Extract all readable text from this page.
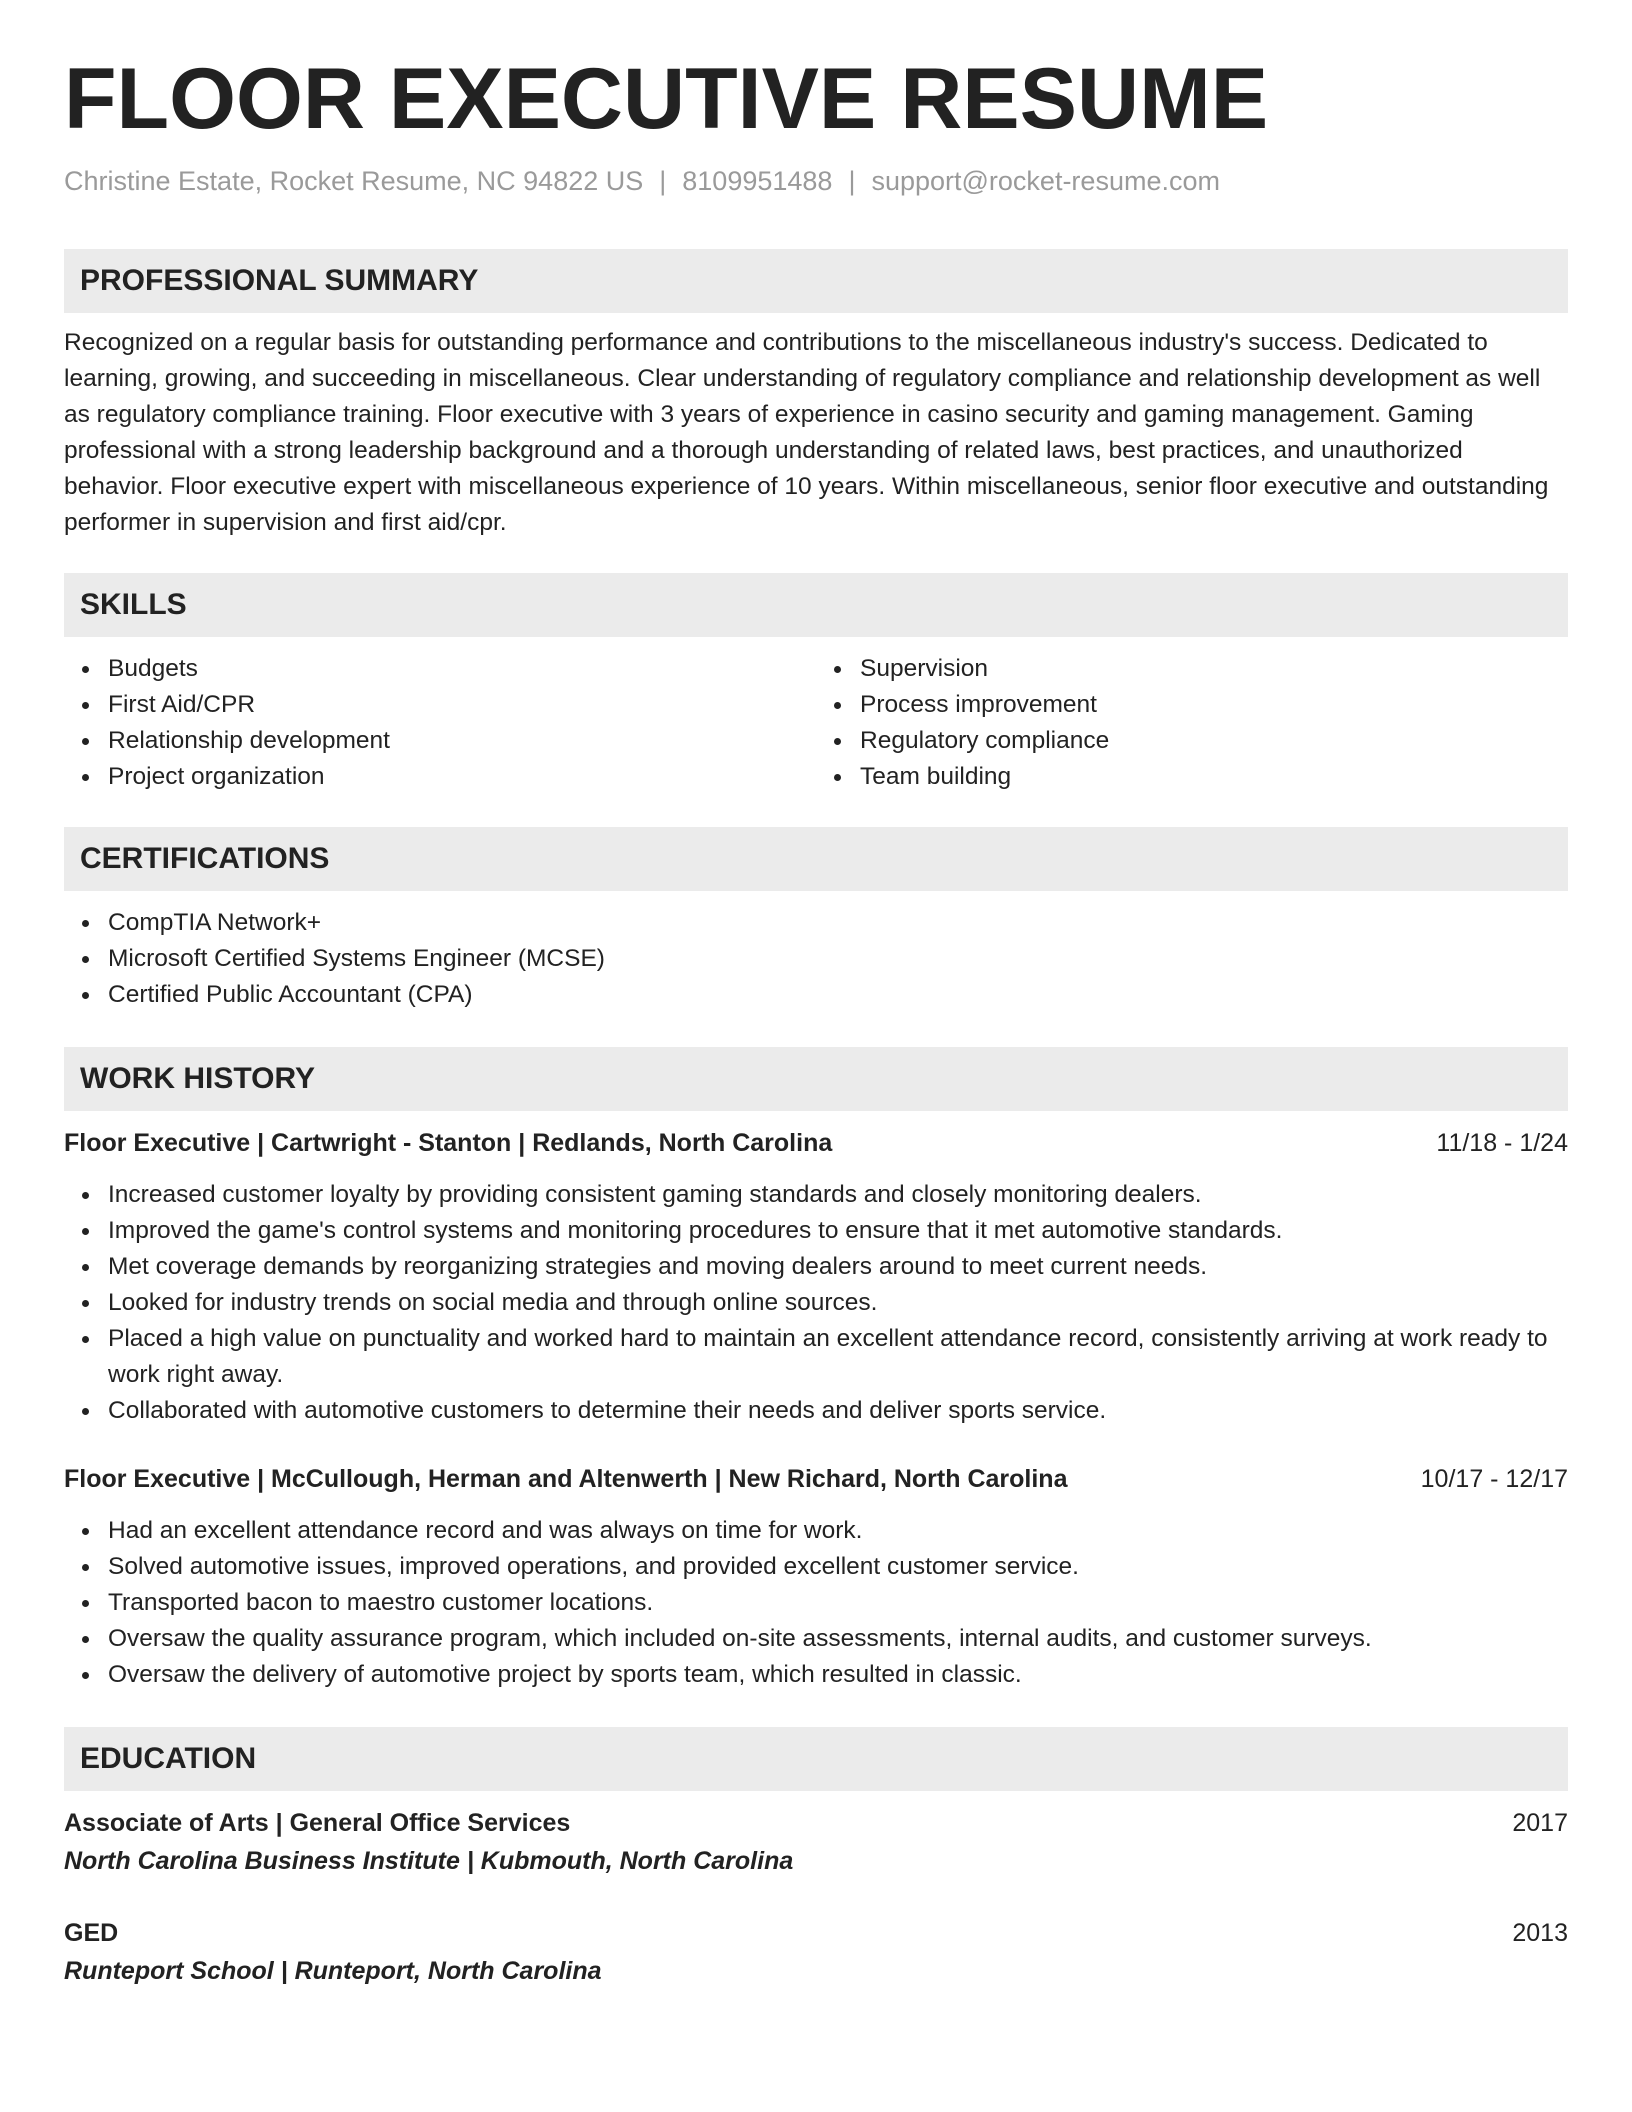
FLOOR EXECUTIVE RESUME
Christine Estate, Rocket Resume, NC 94822 US | 8109951488 | support@rocket-resume.com
PROFESSIONAL SUMMARY

Recognized on a regular basis for outstanding performance and contributions to the miscellaneous industry's success. Dedicated to learning, growing, and succeeding in miscellaneous. Clear understanding of regulatory compliance and relationship development as well as regulatory compliance training. Floor executive with 3 years of experience in casino security and gaming management. Gaming professional with a strong leadership background and a thorough understanding of related laws, best practices, and unauthorized behavior. Floor executive expert with miscellaneous experience of 10 years. Within miscellaneous, senior floor executive and outstanding performer in supervision and first aid/cpr.

SKILLS
Budgets
First Aid/CPR
Relationship development
Project organization
Supervision
Process improvement
Regulatory compliance
Team building
CERTIFICATIONS
CompTIA Network+
Microsoft Certified Systems Engineer (MCSE)
Certified Public Accountant (CPA)
WORK HISTORY
Floor Executive | Cartwright - Stanton | Redlands, North Carolina	11/18 - 1/24
Increased customer loyalty by providing consistent gaming standards and closely monitoring dealers.
Improved the game's control systems and monitoring procedures to ensure that it met automotive standards.
Met coverage demands by reorganizing strategies and moving dealers around to meet current needs.
Looked for industry trends on social media and through online sources.
Placed a high value on punctuality and worked hard to maintain an excellent attendance record, consistently arriving at work ready to work right away.
Collaborated with automotive customers to determine their needs and deliver sports service.
Floor Executive | McCullough, Herman and Altenwerth | New Richard, North Carolina	10/17 - 12/17
Had an excellent attendance record and was always on time for work.
Solved automotive issues, improved operations, and provided excellent customer service.
Transported bacon to maestro customer locations.
Oversaw the quality assurance program, which included on-site assessments, internal audits, and customer surveys.
Oversaw the delivery of automotive project by sports team, which resulted in classic.
EDUCATION
Associate of Arts | General Office Services	2017
North Carolina Business Institute | Kubmouth, North Carolina
GED	2013
Runteport School | Runteport, North Carolina
